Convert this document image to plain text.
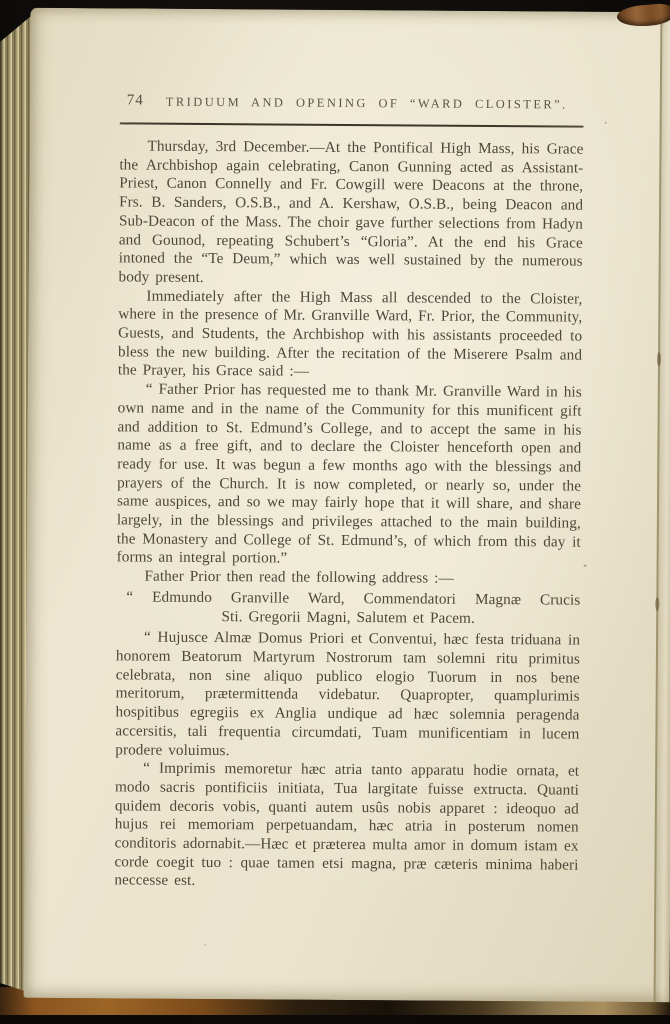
74	TRIDUUM AND OPENING OF “WARD CLOISTER”.

Thursday, 3rd December.—At the Pontifical High Mass, his Grace the Archbishop again celebrating, Canon Gunning acted as Assistant-Priest, Canon Connelly and Fr. Cowgill were Deacons at the throne, Frs. B. Sanders, O.S.B., and A. Kershaw, O.S.B., being Deacon and Sub-Deacon of the Mass. The choir gave further selections from Hadyn and Gounod, repeating Schubert’s “Gloria”. At the end his Grace intoned the “Te Deum,” which was well sustained by the numerous body present.

Immediately after the High Mass all descended to the Cloister, where in the presence of Mr. Granville Ward, Fr. Prior, the Community, Guests, and Students, the Archbishop with his assistants proceeded to bless the new building. After the recitation of the Miserere Psalm and the Prayer, his Grace said :—

“ Father Prior has requested me to thank Mr. Granville Ward in his own name and in the name of the Community for this munificent gift and addition to St. Edmund’s College, and to accept the same in his name as a free gift, and to declare the Cloister henceforth open and ready for use. It was begun a few months ago with the blessings and prayers of the Church. It is now completed, or nearly so, under the same auspices, and so we may fairly hope that it will share, and share largely, in the blessings and privileges attached to the main building, the Monastery and College of St. Edmund’s, of which from this day it forms an integral portion.”

Father Prior then read the following address :—

“ Edmundo Granville Ward, Commendatori Magnæ Crucis

Sti. Gregorii Magni, Salutem et Pacem.

“ Hujusce Almæ Domus Priori et Conventui, hæc festa triduana in honorem Beatorum Martyrum Nostrorum tam solemni ritu primitus celebrata, non sine aliquo publico elogio Tuorum in nos bene meritorum, prætermittenda videbatur. Quapropter, quamplurimis hospitibus egregiis ex Anglia undique ad hæc solemnia peragenda accersitis, tali frequentia circumdati, Tuam munificentiam in lucem prodere voluimus.

“ Imprimis memoretur hæc atria tanto apparatu hodie ornata, et modo sacris pontificiis initiata, Tua largitate fuisse extructa. Quanti quidem decoris vobis, quanti autem usûs nobis apparet : ideoquo ad hujus rei memoriam perpetuandam, hæc atria in posterum nomen conditoris adornabit.—Hæc et præterea multa amor in domum istam ex corde coegit tuo : quae tamen etsi magna, præ cæteris minima haberi neccesse est.
